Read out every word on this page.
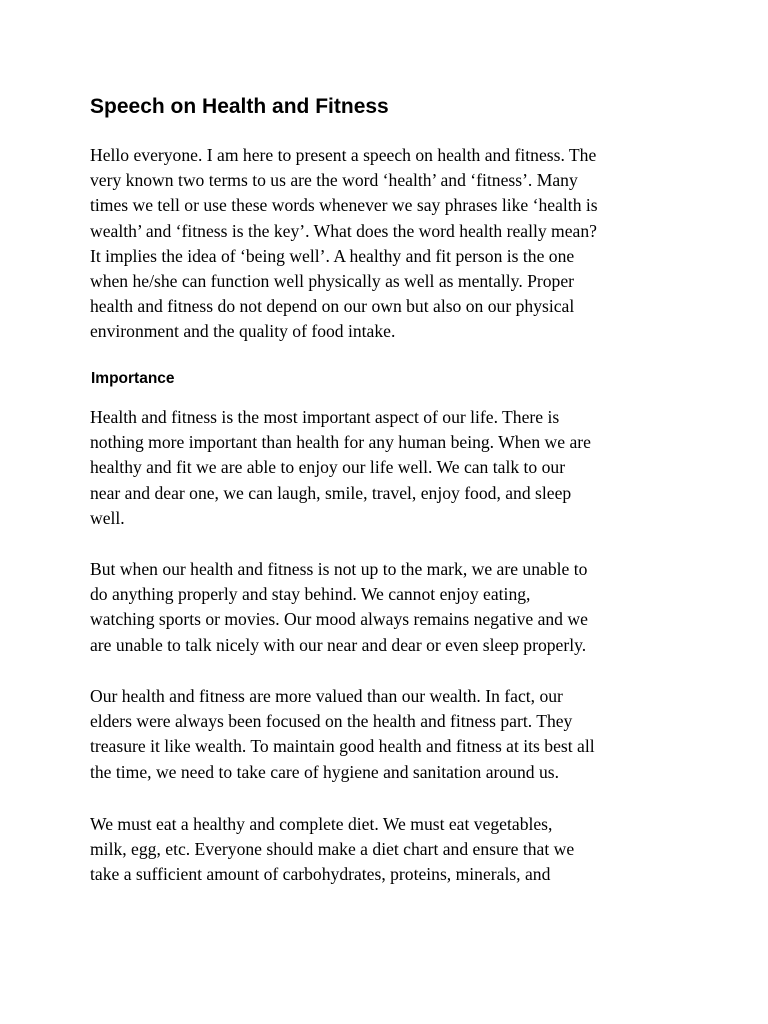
Speech on Health and Fitness

Hello everyone. I am here to present a speech on health and fitness. The
very known two terms to us are the word ‘health’ and ‘fitness’. Many
times we tell or use these words whenever we say phrases like ‘health is
wealth’ and ‘fitness is the key’. What does the word health really mean?
It implies the idea of ‘being well’. A healthy and fit person is the one
when he/she can function well physically as well as mentally. Proper
health and fitness do not depend on our own but also on our physical
environment and the quality of food intake.

Importance

Health and fitness is the most important aspect of our life. There is
nothing more important than health for any human being. When we are
healthy and fit we are able to enjoy our life well. We can talk to our
near and dear one, we can laugh, smile, travel, enjoy food, and sleep
well.

But when our health and fitness is not up to the mark, we are unable to
do anything properly and stay behind. We cannot enjoy eating,
watching sports or movies. Our mood always remains negative and we
are unable to talk nicely with our near and dear or even sleep properly.

Our health and fitness are more valued than our wealth. In fact, our
elders were always been focused on the health and fitness part. They
treasure it like wealth. To maintain good health and fitness at its best all
the time, we need to take care of hygiene and sanitation around us.

We must eat a healthy and complete diet. We must eat vegetables,
milk, egg, etc. Everyone should make a diet chart and ensure that we
take a sufficient amount of carbohydrates, proteins, minerals, and
